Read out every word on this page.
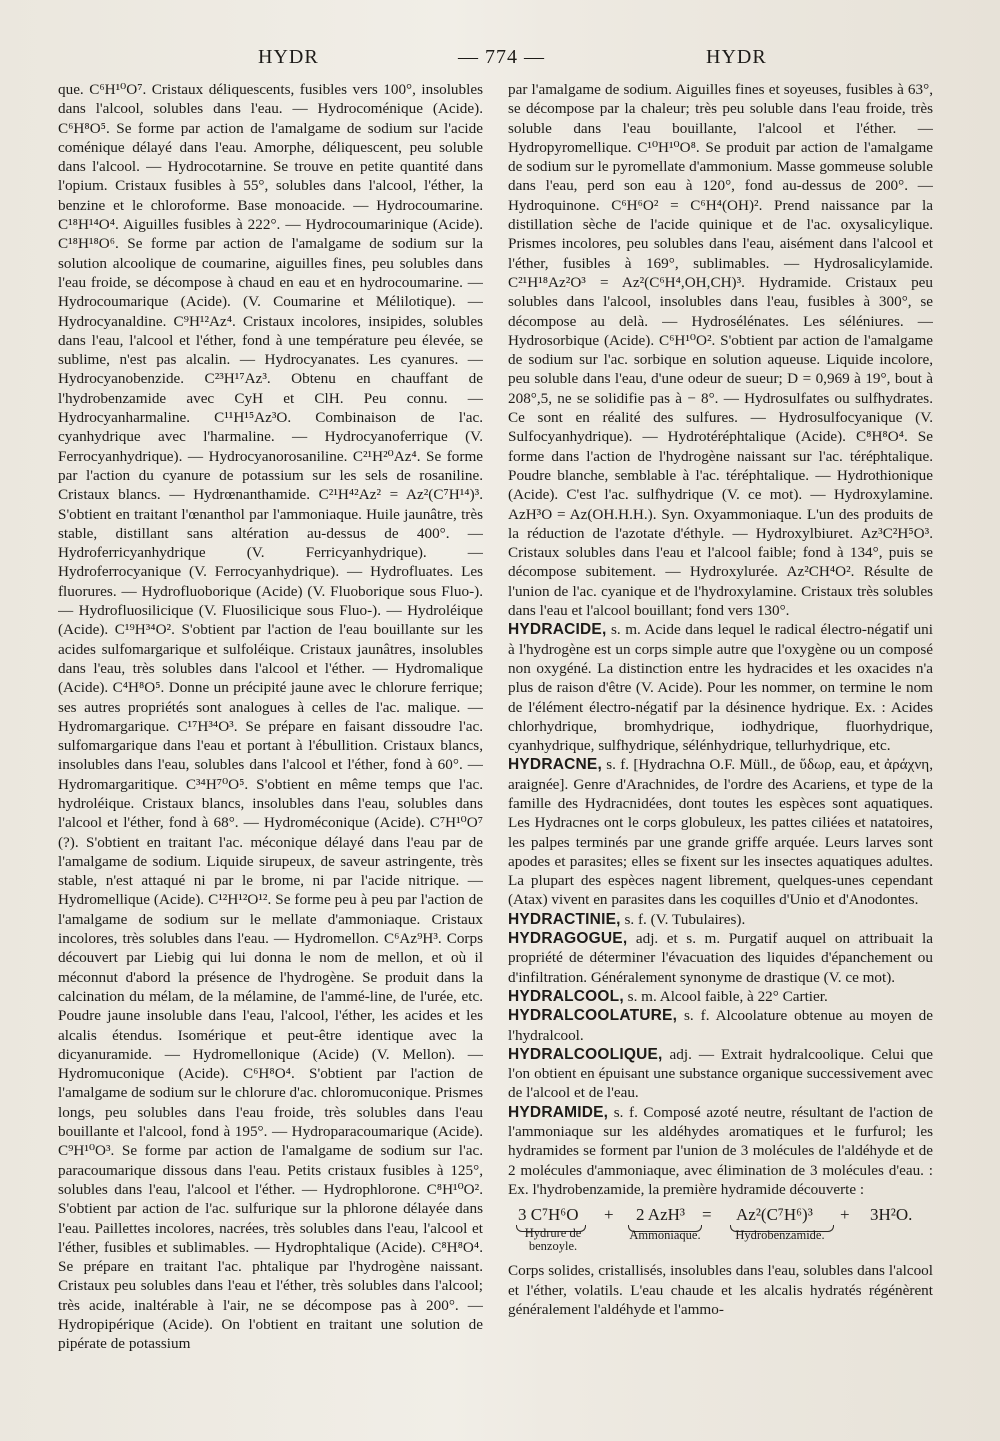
HYDR	— 774 —	HYDR

que. C⁶H¹⁰O⁷. Cristaux déliquescents, fusibles vers 100°, insolubles dans l'alcool, solubles dans l'eau. — Hydrocoménique (Acide). C⁶H⁸O⁵. Se forme par action de l'amalgame de sodium sur l'acide coménique délayé dans l'eau. Amorphe, déliquescent, peu soluble dans l'alcool. — Hydrocotarnine. Se trouve en petite quantité dans l'opium. Cristaux fusibles à 55°, solubles dans l'alcool, l'éther, la benzine et le chloroforme. Base monoacide. — Hydrocoumarine. C¹⁸H¹⁴O⁴. Aiguilles fusibles à 222°. — Hydrocoumarinique (Acide). C¹⁸H¹⁸O⁶. Se forme par action de l'amalgame de sodium sur la solution alcoolique de coumarine, aiguilles fines, peu solubles dans l'eau froide, se décompose à chaud en eau et en hydrocoumarine. — Hydrocoumarique (Acide). (V. Coumarine et Mélilotique). — Hydrocyanaldine. C⁹H¹²Az⁴. Cristaux incolores, insipides, solubles dans l'eau, l'alcool et l'éther, fond à une température peu élevée, se sublime, n'est pas alcalin. — Hydrocyanates. Les cyanures. — Hydrocyanobenzide. C²³H¹⁷Az³. Obtenu en chauffant de l'hydrobenzamide avec CyH et ClH. Peu connu. — Hydrocyanharmaline. C¹¹H¹⁵Az³O. Combinaison de l'ac. cyanhydrique avec l'harmaline. — Hydrocyanoferrique (V. Ferrocyanhydrique). — Hydrocyanorosaniline. C²¹H²⁰Az⁴. Se forme par l'action du cyanure de potassium sur les sels de rosaniline. Cristaux blancs. — Hydrœnanthamide. C²¹H⁴²Az² = Az²(C⁷H¹⁴)³. S'obtient en traitant l'œnanthol par l'ammoniaque. Huile jaunâtre, très stable, distillant sans altération au-dessus de 400°. — Hydroferricyanhydrique (V. Ferricyanhydrique). — Hydroferrocyanique (V. Ferrocyanhydrique). — Hydrofluates. Les fluorures. — Hydrofluoborique (Acide) (V. Fluoborique sous Fluo-). — Hydrofluosilicique (V. Fluosilicique sous Fluo-). — Hydroléique (Acide). C¹⁹H³⁴O². S'obtient par l'action de l'eau bouillante sur les acides sulfomargarique et sulfoléique. Cristaux jaunâtres, insolubles dans l'eau, très solubles dans l'alcool et l'éther. — Hydromalique (Acide). C⁴H⁸O⁵. Donne un précipité jaune avec le chlorure ferrique; ses autres propriétés sont analogues à celles de l'ac. malique. — Hydromargarique. C¹⁷H³⁴O³. Se prépare en faisant dissoudre l'ac. sulfomargarique dans l'eau et portant à l'ébullition. Cristaux blancs, insolubles dans l'eau, solubles dans l'alcool et l'éther, fond à 60°. — Hydromargaritique. C³⁴H⁷⁰O⁵. S'obtient en même temps que l'ac. hydroléique. Cristaux blancs, insolubles dans l'eau, solubles dans l'alcool et l'éther, fond à 68°. — Hydroméconique (Acide). C⁷H¹⁰O⁷ (?). S'obtient en traitant l'ac. méconique délayé dans l'eau par de l'amalgame de sodium. Liquide sirupeux, de saveur astringente, très stable, n'est attaqué ni par le brome, ni par l'acide nitrique. — Hydromellique (Acide). C¹²H¹²O¹². Se forme peu à peu par l'action de l'amalgame de sodium sur le mellate d'ammoniaque. Cristaux incolores, très solubles dans l'eau. — Hydromellon. C⁶Az⁹H³. Corps découvert par Liebig qui lui donna le nom de mellon, et où il méconnut d'abord la présence de l'hydrogène. Se produit dans la calcination du mélam, de la mélamine, de l'ammé-line, de l'urée, etc. Poudre jaune insoluble dans l'eau, l'alcool, l'éther, les acides et les alcalis étendus. Isomérique et peut-être identique avec la dicyanuramide. — Hydromellonique (Acide) (V. Mellon). — Hydromuconique (Acide). C⁶H⁸O⁴. S'obtient par l'action de l'amalgame de sodium sur le chlorure d'ac. chloromuconique. Prismes longs, peu solubles dans l'eau froide, très solubles dans l'eau bouillante et l'alcool, fond à 195°. — Hydroparacoumarique (Acide). C⁹H¹⁰O³. Se forme par action de l'amalgame de sodium sur l'ac. paracoumarique dissous dans l'eau. Petits cristaux fusibles à 125°, solubles dans l'eau, l'alcool et l'éther. — Hydrophlorone. C⁸H¹⁰O². S'obtient par action de l'ac. sulfurique sur la phlorone délayée dans l'eau. Paillettes incolores, nacrées, très solubles dans l'eau, l'alcool et l'éther, fusibles et sublimables. — Hydrophtalique (Acide). C⁸H⁸O⁴. Se prépare en traitant l'ac. phtalique par l'hydrogène naissant. Cristaux peu solubles dans l'eau et l'éther, très solubles dans l'alcool; très acide, inaltérable à l'air, ne se décompose pas à 200°. — Hydropipérique (Acide). On l'obtient en traitant une solution de pipérate de potassium

par l'amalgame de sodium. Aiguilles fines et soyeuses, fusibles à 63°, se décompose par la chaleur; très peu soluble dans l'eau froide, très soluble dans l'eau bouillante, l'alcool et l'éther. — Hydropyromellique. C¹⁰H¹⁰O⁸. Se produit par action de l'amalgame de sodium sur le pyromellate d'ammonium. Masse gommeuse soluble dans l'eau, perd son eau à 120°, fond au-dessus de 200°. — Hydroquinone. C⁶H⁶O² = C⁶H⁴(OH)². Prend naissance par la distillation sèche de l'acide quinique et de l'ac. oxysalicylique. Prismes incolores, peu solubles dans l'eau, aisément dans l'alcool et l'éther, fusibles à 169°, sublimables. — Hydrosalicylamide. C²¹H¹⁸Az²O³ = Az²(C⁶H⁴,OH,CH)³. Hydramide. Cristaux peu solubles dans l'alcool, insolubles dans l'eau, fusibles à 300°, se décompose au delà. — Hydrosélénates. Les séléniures. — Hydrosorbique (Acide). C⁶H¹⁰O². S'obtient par action de l'amalgame de sodium sur l'ac. sorbique en solution aqueuse. Liquide incolore, peu soluble dans l'eau, d'une odeur de sueur; D = 0,969 à 19°, bout à 208°,5, ne se solidifie pas à − 8°. — Hydrosulfates ou sulfhydrates. Ce sont en réalité des sulfures. — Hydrosulfocyanique (V. Sulfocyanhydrique). — Hydrotéréphtalique (Acide). C⁸H⁸O⁴. Se forme dans l'action de l'hydrogène naissant sur l'ac. téréphtalique. Poudre blanche, semblable à l'ac. téréphtalique. — Hydrothionique (Acide). C'est l'ac. sulfhydrique (V. ce mot). — Hydroxylamine. AzH³O = Az(OH.H.H.). Syn. Oxyammoniaque. L'un des produits de la réduction de l'azotate d'éthyle. — Hydroxylbiuret. Az³C²H⁵O³. Cristaux solubles dans l'eau et l'alcool faible; fond à 134°, puis se décompose subitement. — Hydroxylurée. Az²CH⁴O². Résulte de l'union de l'ac. cyanique et de l'hydroxylamine. Cristaux très solubles dans l'eau et l'alcool bouillant; fond vers 130°.

HYDRACIDE, s. m. Acide dans lequel le radical électro-négatif uni à l'hydrogène est un corps simple autre que l'oxygène ou un composé non oxygéné. La distinction entre les hydracides et les oxacides n'a plus de raison d'être (V. Acide). Pour les nommer, on termine le nom de l'élément électro-négatif par la désinence hydrique. Ex. : Acides chlorhydrique, bromhydrique, iodhydrique, fluorhydrique, cyanhydrique, sulfhydrique, sélénhydrique, tellurhydrique, etc.

HYDRACNE, s. f. [Hydrachna O.F. Müll., de ὕδωρ, eau, et ἀράχνη, araignée]. Genre d'Arachnides, de l'ordre des Acariens, et type de la famille des Hydracnidées, dont toutes les espèces sont aquatiques. Les Hydracnes ont le corps globuleux, les pattes ciliées et natatoires, les palpes terminés par une grande griffe arquée. Leurs larves sont apodes et parasites; elles se fixent sur les insectes aquatiques adultes. La plupart des espèces nagent librement, quelques-unes cependant (Atax) vivent en parasites dans les coquilles d'Unio et d'Anodontes.

HYDRACTINIE, s. f. (V. Tubulaires).

HYDRAGOGUE, adj. et s. m. Purgatif auquel on attribuait la propriété de déterminer l'évacuation des liquides d'épanchement ou d'infiltration. Généralement synonyme de drastique (V. ce mot).

HYDRALCOOL, s. m. Alcool faible, à 22° Cartier.

HYDRALCOOLATURE, s. f. Alcoolature obtenue au moyen de l'hydralcool.

HYDRALCOOLIQUE, adj. — Extrait hydralcoolique. Celui que l'on obtient en épuisant une substance organique successivement avec de l'alcool et de l'eau.

HYDRAMIDE, s. f. Composé azoté neutre, résultant de l'action de l'ammoniaque sur les aldéhydes aromatiques et le furfurol; les hydramides se forment par l'union de 3 molécules de l'aldéhyde et de 2 molécules d'ammoniaque, avec élimination de 3 molécules d'eau. : Ex. l'hydrobenzamide, la première hydramide découverte :

3 C⁷H⁶O + 2 AzH³ = Az²(C⁷H⁶)³ + 3H²O.
Hydrure de benzoyle.
Ammoniaque.	Hydrobenzamide.

Corps solides, cristallisés, insolubles dans l'eau, solubles dans l'alcool et l'éther, volatils. L'eau chaude et les alcalis hydratés régénèrent généralement l'aldéhyde et l'ammo-
